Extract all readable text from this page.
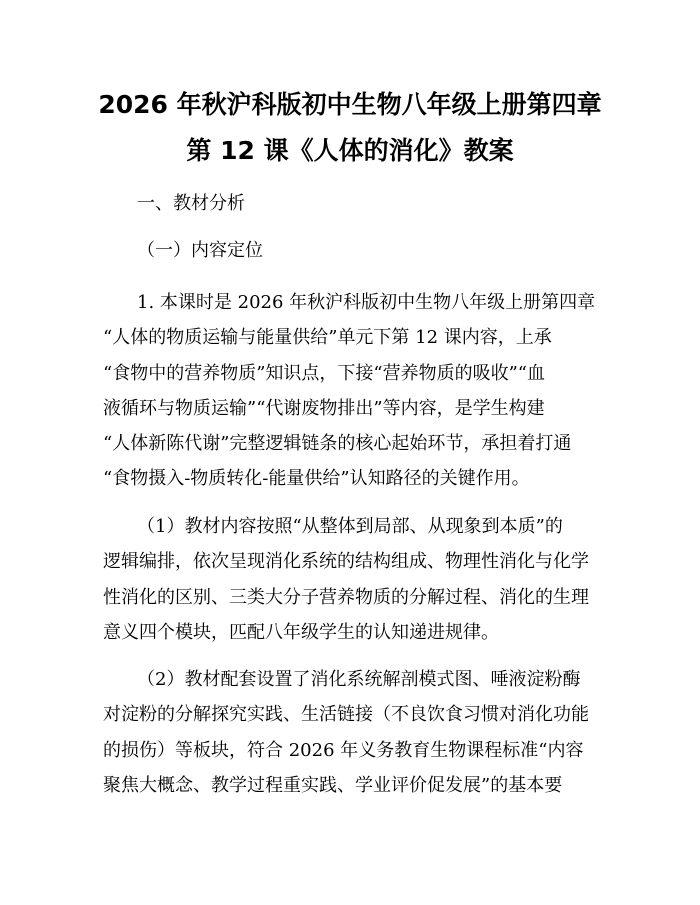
2026 年秋沪科版初中生物八年级上册第四章
第 12 课《人体的消化》教案

一、教材分析

（一）内容定位

1. 本课时是 2026 年秋沪科版初中生物八年级上册第四章
“人体的物质运输与能量供给”单元下第 12 课内容，上承
“食物中的营养物质”知识点，下接“营养物质的吸收”“血
液循环与物质运输”“代谢废物排出”等内容，是学生构建
“人体新陈代谢”完整逻辑链条的核心起始环节，承担着打通
“食物摄入-物质转化-能量供给”认知路径的关键作用。
（1）教材内容按照“从整体到局部、从现象到本质”的
逻辑编排，依次呈现消化系统的结构组成、物理性消化与化学
性消化的区别、三类大分子营养物质的分解过程、消化的生理
意义四个模块，匹配八年级学生的认知递进规律。
（2）教材配套设置了消化系统解剖模式图、唾液淀粉酶
对淀粉的分解探究实践、生活链接（不良饮食习惯对消化功能
的损伤）等板块，符合 2026 年义务教育生物课程标准“内容
聚焦大概念、教学过程重实践、学业评价促发展”的基本要
